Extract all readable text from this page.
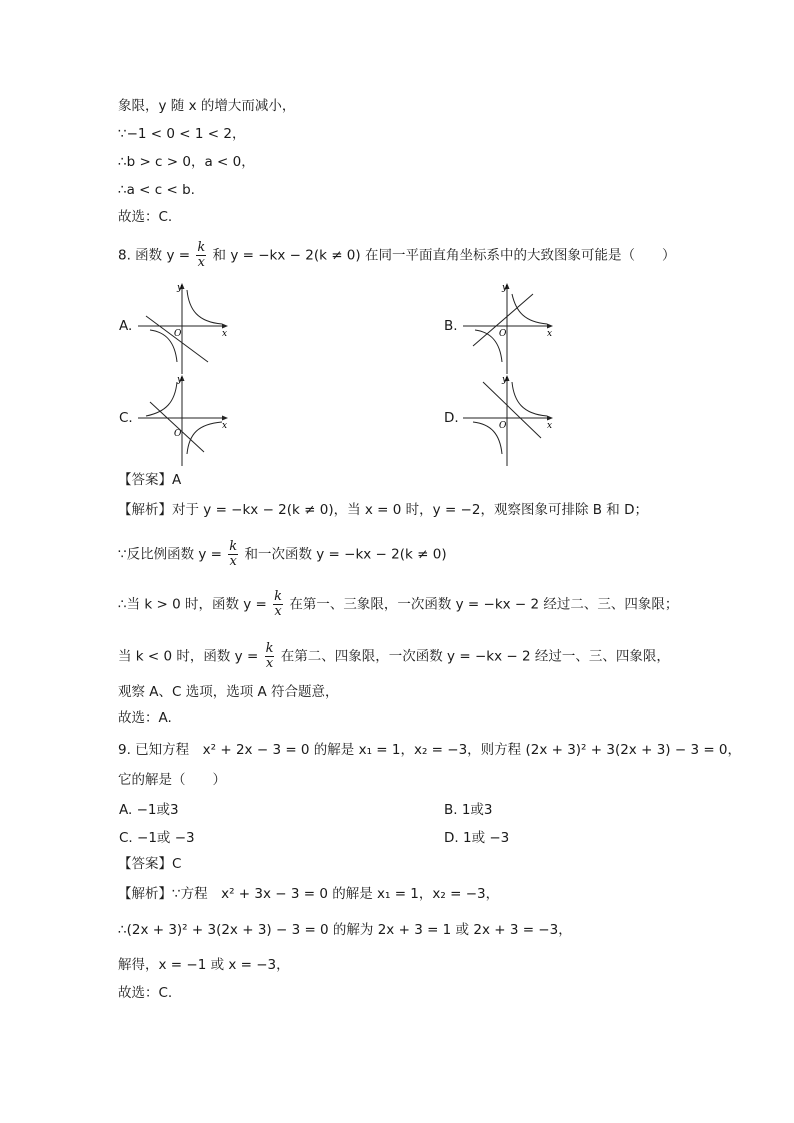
象限，y 随 x 的增大而减小，
∵−1 < 0 < 1 < 2，
∴b > c > 0，a < 0，
∴a < c < b.
故选：C.
8. 函数 $y = \frac{k}{x}$ 和 y = −kx − 2(k ≠ 0) 在同一平面直角坐标系中的大致图象可能是（　　）
A.	B.
C.	D.
y
x
O
y
x
O
y
x
O
y
x
O
【答案】A
【解析】对于 y = −kx − 2(k ≠ 0)，当 x = 0 时，y = −2，观察图象可排除 B 和 D；
∵反比例函数 $y = \frac{k}{x}$ 和一次函数 y = −kx − 2(k ≠ 0)
∴当 k > 0 时，函数 $y = \frac{k}{x}$ 在第一、三象限，一次函数 y = −kx − 2 经过二、三、四象限；
当 k < 0 时，函数 $y = \frac{k}{x}$ 在第二、四象限，一次函数 y = −kx − 2 经过一、三、四象限，
观察 A、C 选项，选项 A 符合题意，
故选：A.
9. 已知方程　x² + 2x − 3 = 0 的解是 x₁ = 1，x₂ = −3，则方程 (2x + 3)² + 3(2x + 3) − 3 = 0，
它的解是（　　）
A. −1或3	B. 1或3
C. −1或 −3	D. 1或 −3
【答案】C
【解析】∵方程　x² + 3x − 3 = 0 的解是 x₁ = 1，x₂ = −3，
∴(2x + 3)² + 3(2x + 3) − 3 = 0 的解为 2x + 3 = 1 或 2x + 3 = −3，
解得，x = −1 或 x = −3，
故选：C.
